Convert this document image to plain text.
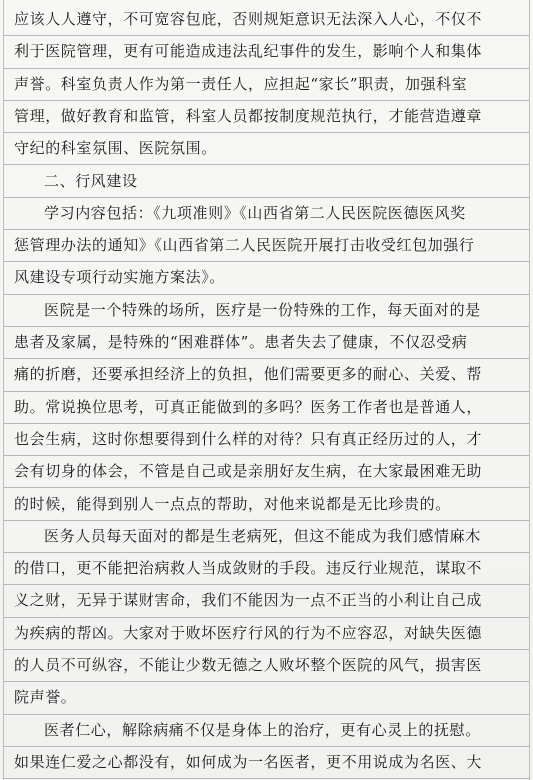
应该人人遵守，不可宽容包庇，否则规矩意识无法深入人心，不仅不
利于医院管理，更有可能造成违法乱纪事件的发生，影响个人和集体
声誉。科室负责人作为第一责任人，应担起“家长”职责，加强科室
管理，做好教育和监管，科室人员都按制度规范执行，才能营造遵章
守纪的科室氛围、医院氛围。
二、行风建设
学习内容包括：《九项准则》《山西省第二人民医院医德医风奖
惩管理办法的通知》《山西省第二人民医院开展打击收受红包加强行
风建设专项行动实施方案法》。
医院是一个特殊的场所，医疗是一份特殊的工作，每天面对的是
患者及家属，是特殊的“困难群体”。患者失去了健康，不仅忍受病
痛的折磨，还要承担经济上的负担，他们需要更多的耐心、关爱、帮
助。常说换位思考，可真正能做到的多吗？医务工作者也是普通人，
也会生病，这时你想要得到什么样的对待？只有真正经历过的人，才
会有切身的体会，不管是自己或是亲朋好友生病，在大家最困难无助
的时候，能得到别人一点点的帮助，对他来说都是无比珍贵的。
医务人员每天面对的都是生老病死，但这不能成为我们感情麻木
的借口，更不能把治病救人当成敛财的手段。违反行业规范，谋取不
义之财，无异于谋财害命，我们不能因为一点不正当的小利让自己成
为疾病的帮凶。大家对于败坏医疗行风的行为不应容忍，对缺失医德
的人员不可纵容，不能让少数无德之人败坏整个医院的风气，损害医
院声誉。
医者仁心，解除病痛不仅是身体上的治疗，更有心灵上的抚慰。
如果连仁爱之心都没有，如何成为一名医者，更不用说成为名医、大
